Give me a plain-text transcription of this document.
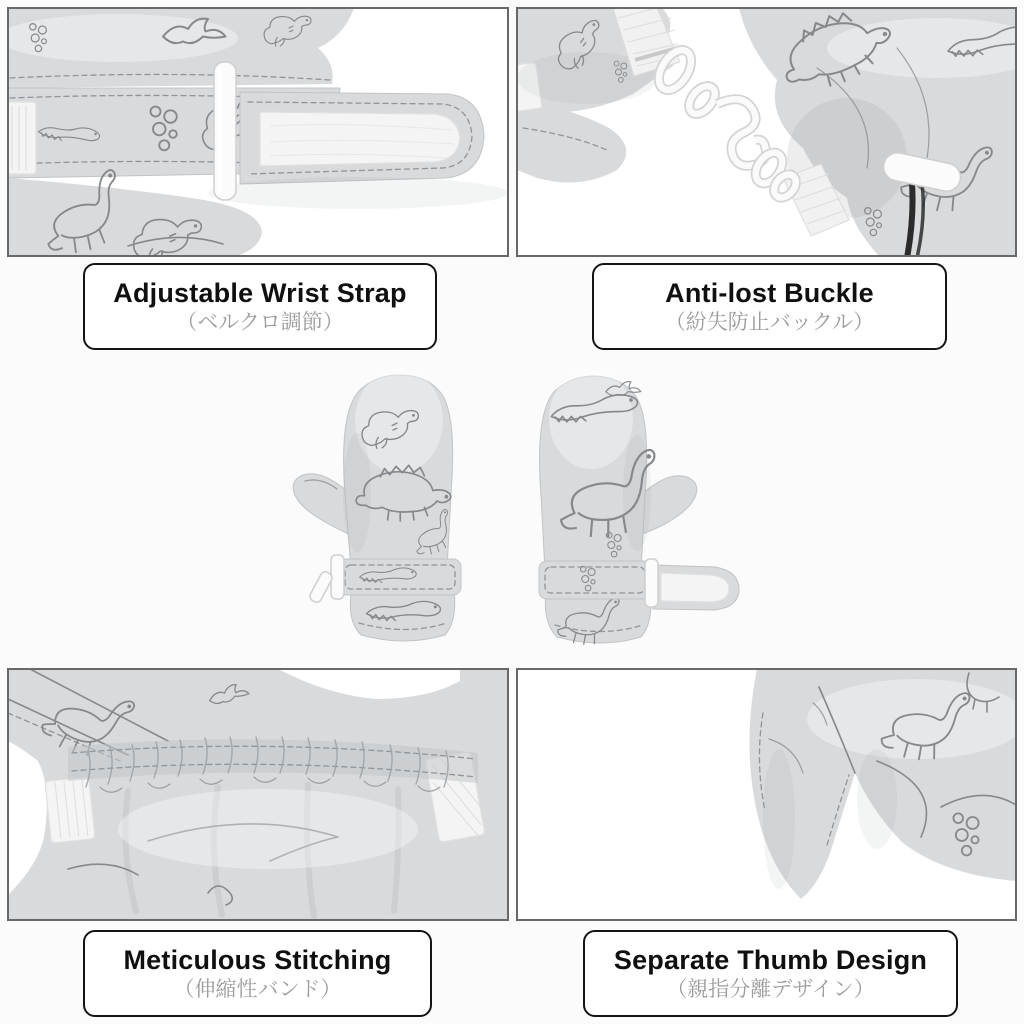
Adjustable Wrist Strap
（ベルクロ調節）
Anti-lost Buckle
（紛失防止バックル）
Meticulous Stitching
（伸縮性バンド）
Separate Thumb Design
（親指分離デザイン）
